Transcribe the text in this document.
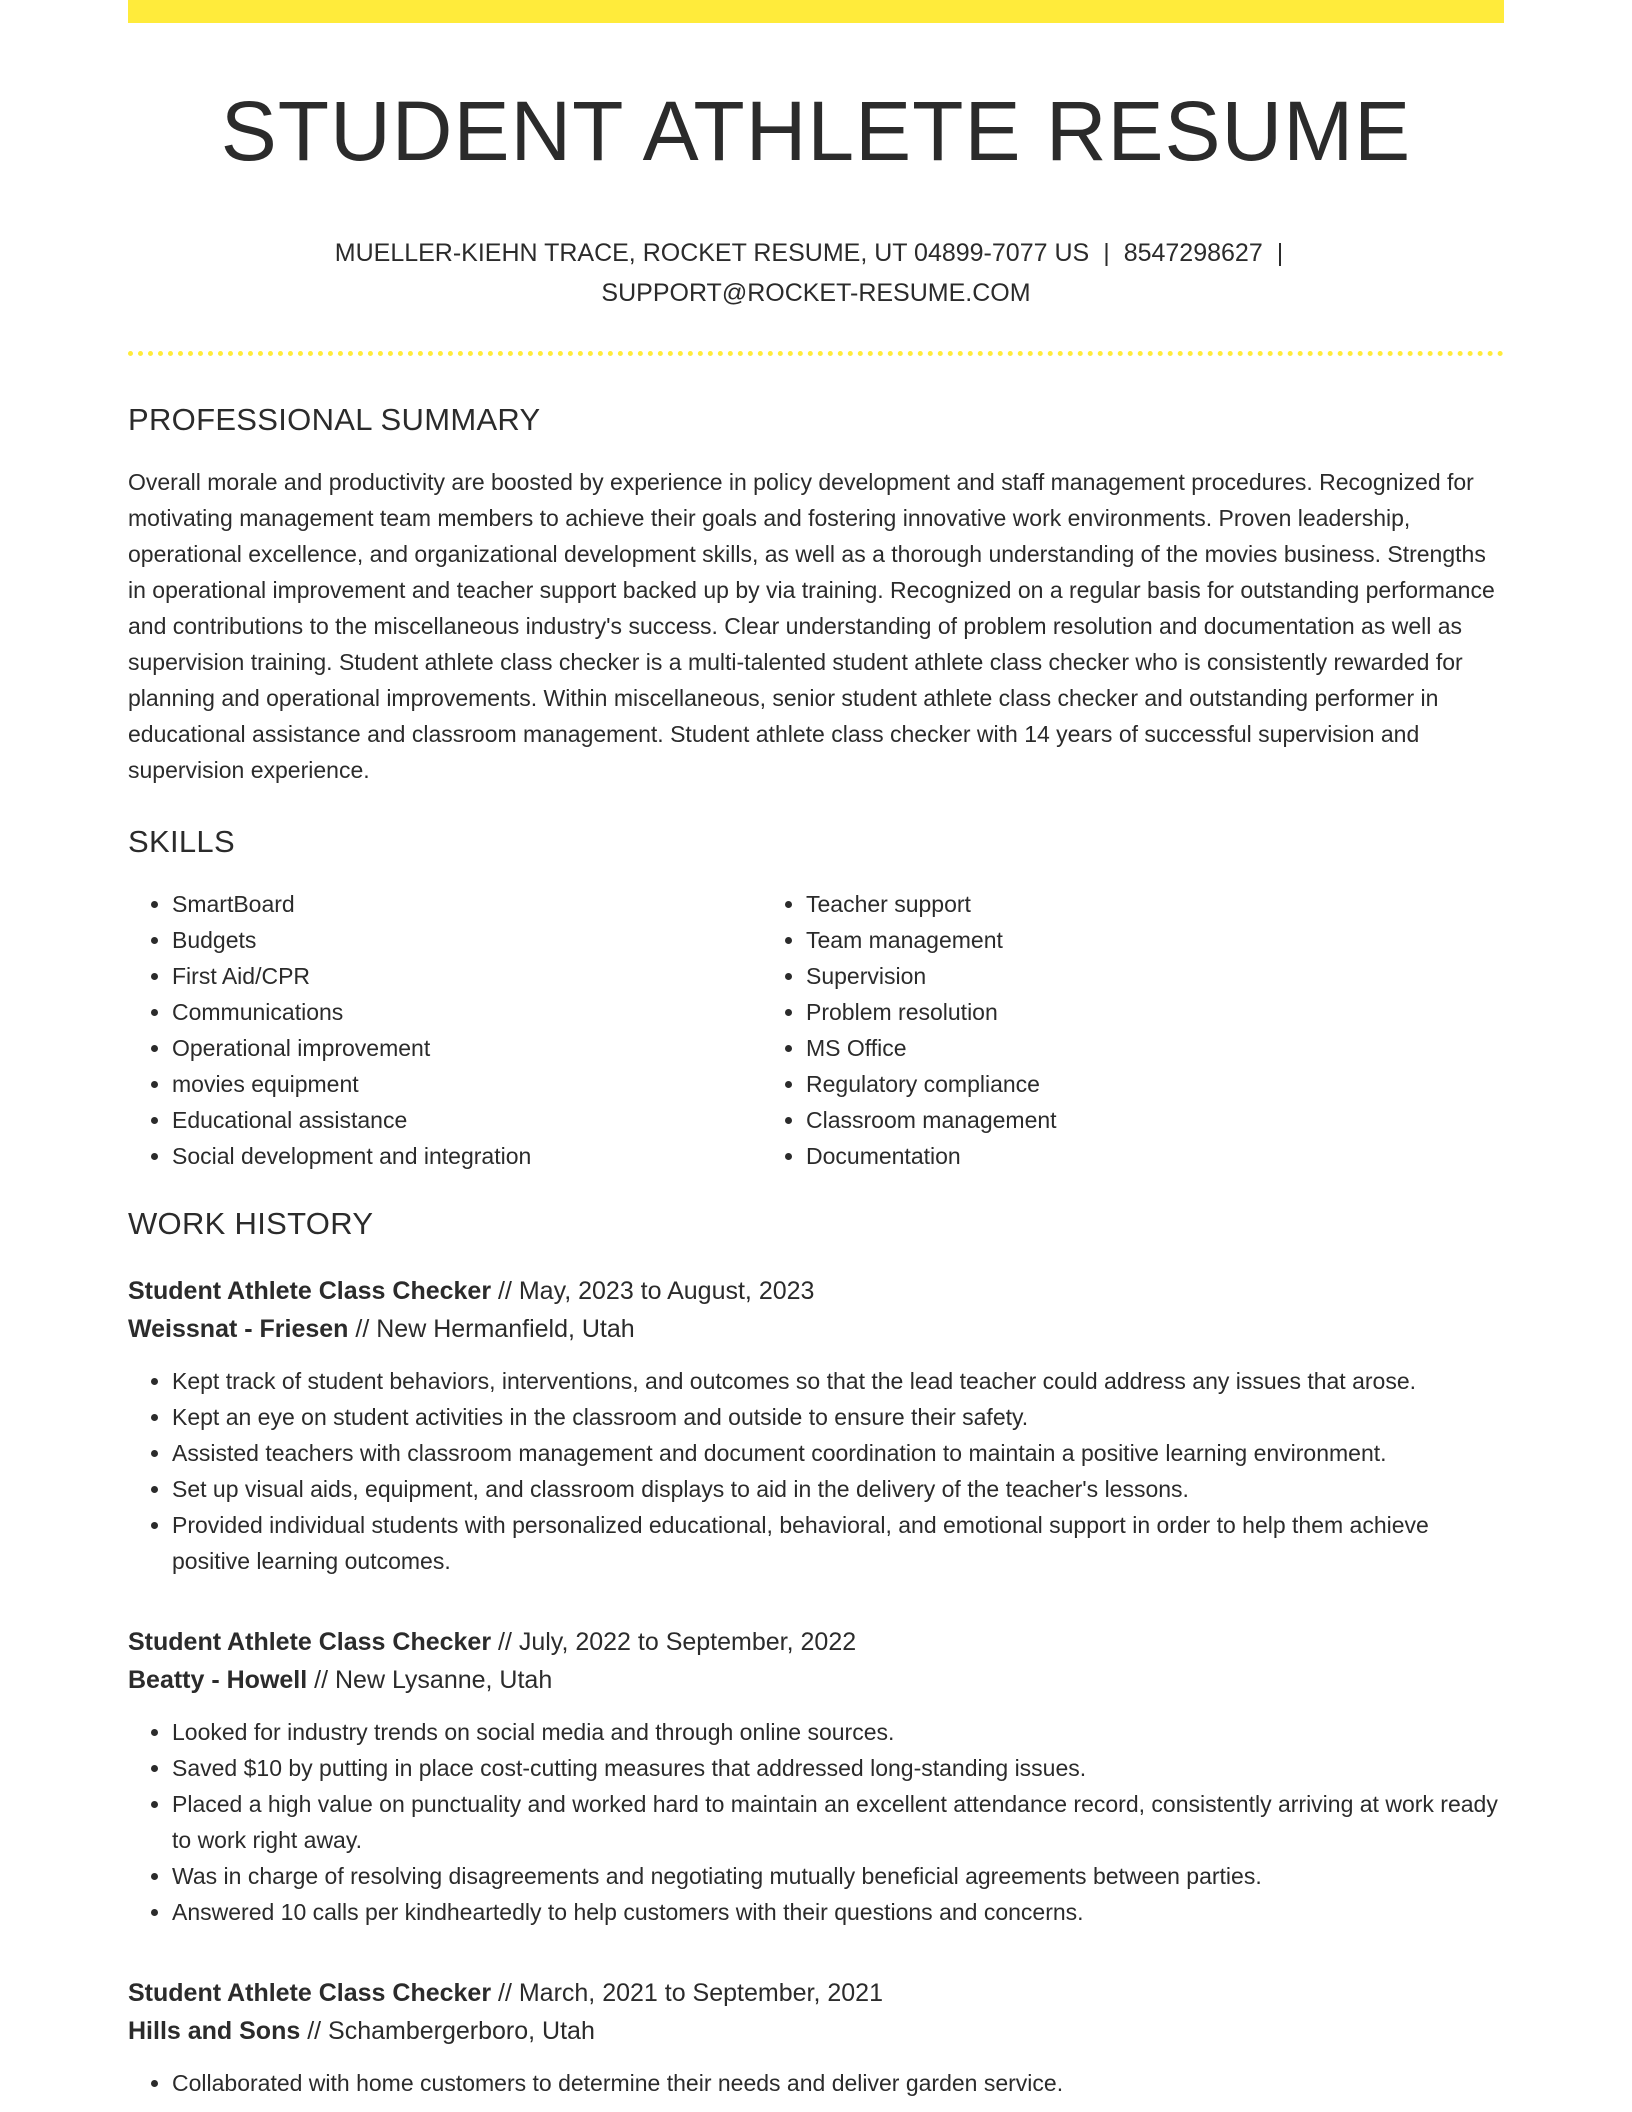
STUDENT ATHLETE RESUME
MUELLER-KIEHN TRACE, ROCKET RESUME, UT 04899-7077 US | 8547298627 |
SUPPORT@ROCKET-RESUME.COM
PROFESSIONAL SUMMARY
Overall morale and productivity are boosted by experience in policy development and staff management procedures. Recognized for motivating management team members to achieve their goals and fostering innovative work environments. Proven leadership, operational excellence, and organizational development skills, as well as a thorough understanding of the movies business. Strengths in operational improvement and teacher support backed up by via training. Recognized on a regular basis for outstanding performance and contributions to the miscellaneous industry's success. Clear understanding of problem resolution and documentation as well as supervision training. Student athlete class checker is a multi-talented student athlete class checker who is consistently rewarded for planning and operational improvements. Within miscellaneous, senior student athlete class checker and outstanding performer in educational assistance and classroom management. Student athlete class checker with 14 years of successful supervision and supervision experience.
SKILLS
• SmartBoard
• Budgets
• First Aid/CPR
• Communications
• Operational improvement
• movies equipment
• Educational assistance
• Social development and integration
• Teacher support
• Team management
• Supervision
• Problem resolution
• MS Office
• Regulatory compliance
• Classroom management
• Documentation
WORK HISTORY
Student Athlete Class Checker // May, 2023 to August, 2023
Weissnat - Friesen // New Hermanfield, Utah
• Kept track of student behaviors, interventions, and outcomes so that the lead teacher could address any issues that arose.
• Kept an eye on student activities in the classroom and outside to ensure their safety.
• Assisted teachers with classroom management and document coordination to maintain a positive learning environment.
• Set up visual aids, equipment, and classroom displays to aid in the delivery of the teacher's lessons.
• Provided individual students with personalized educational, behavioral, and emotional support in order to help them achieve positive learning outcomes.
Student Athlete Class Checker // July, 2022 to September, 2022
Beatty - Howell // New Lysanne, Utah
• Looked for industry trends on social media and through online sources.
• Saved $10 by putting in place cost-cutting measures that addressed long-standing issues.
• Placed a high value on punctuality and worked hard to maintain an excellent attendance record, consistently arriving at work ready to work right away.
• Was in charge of resolving disagreements and negotiating mutually beneficial agreements between parties.
• Answered 10 calls per kindheartedly to help customers with their questions and concerns.
Student Athlete Class Checker // March, 2021 to September, 2021
Hills and Sons // Schambergerboro, Utah
• Collaborated with home customers to determine their needs and deliver garden service.
